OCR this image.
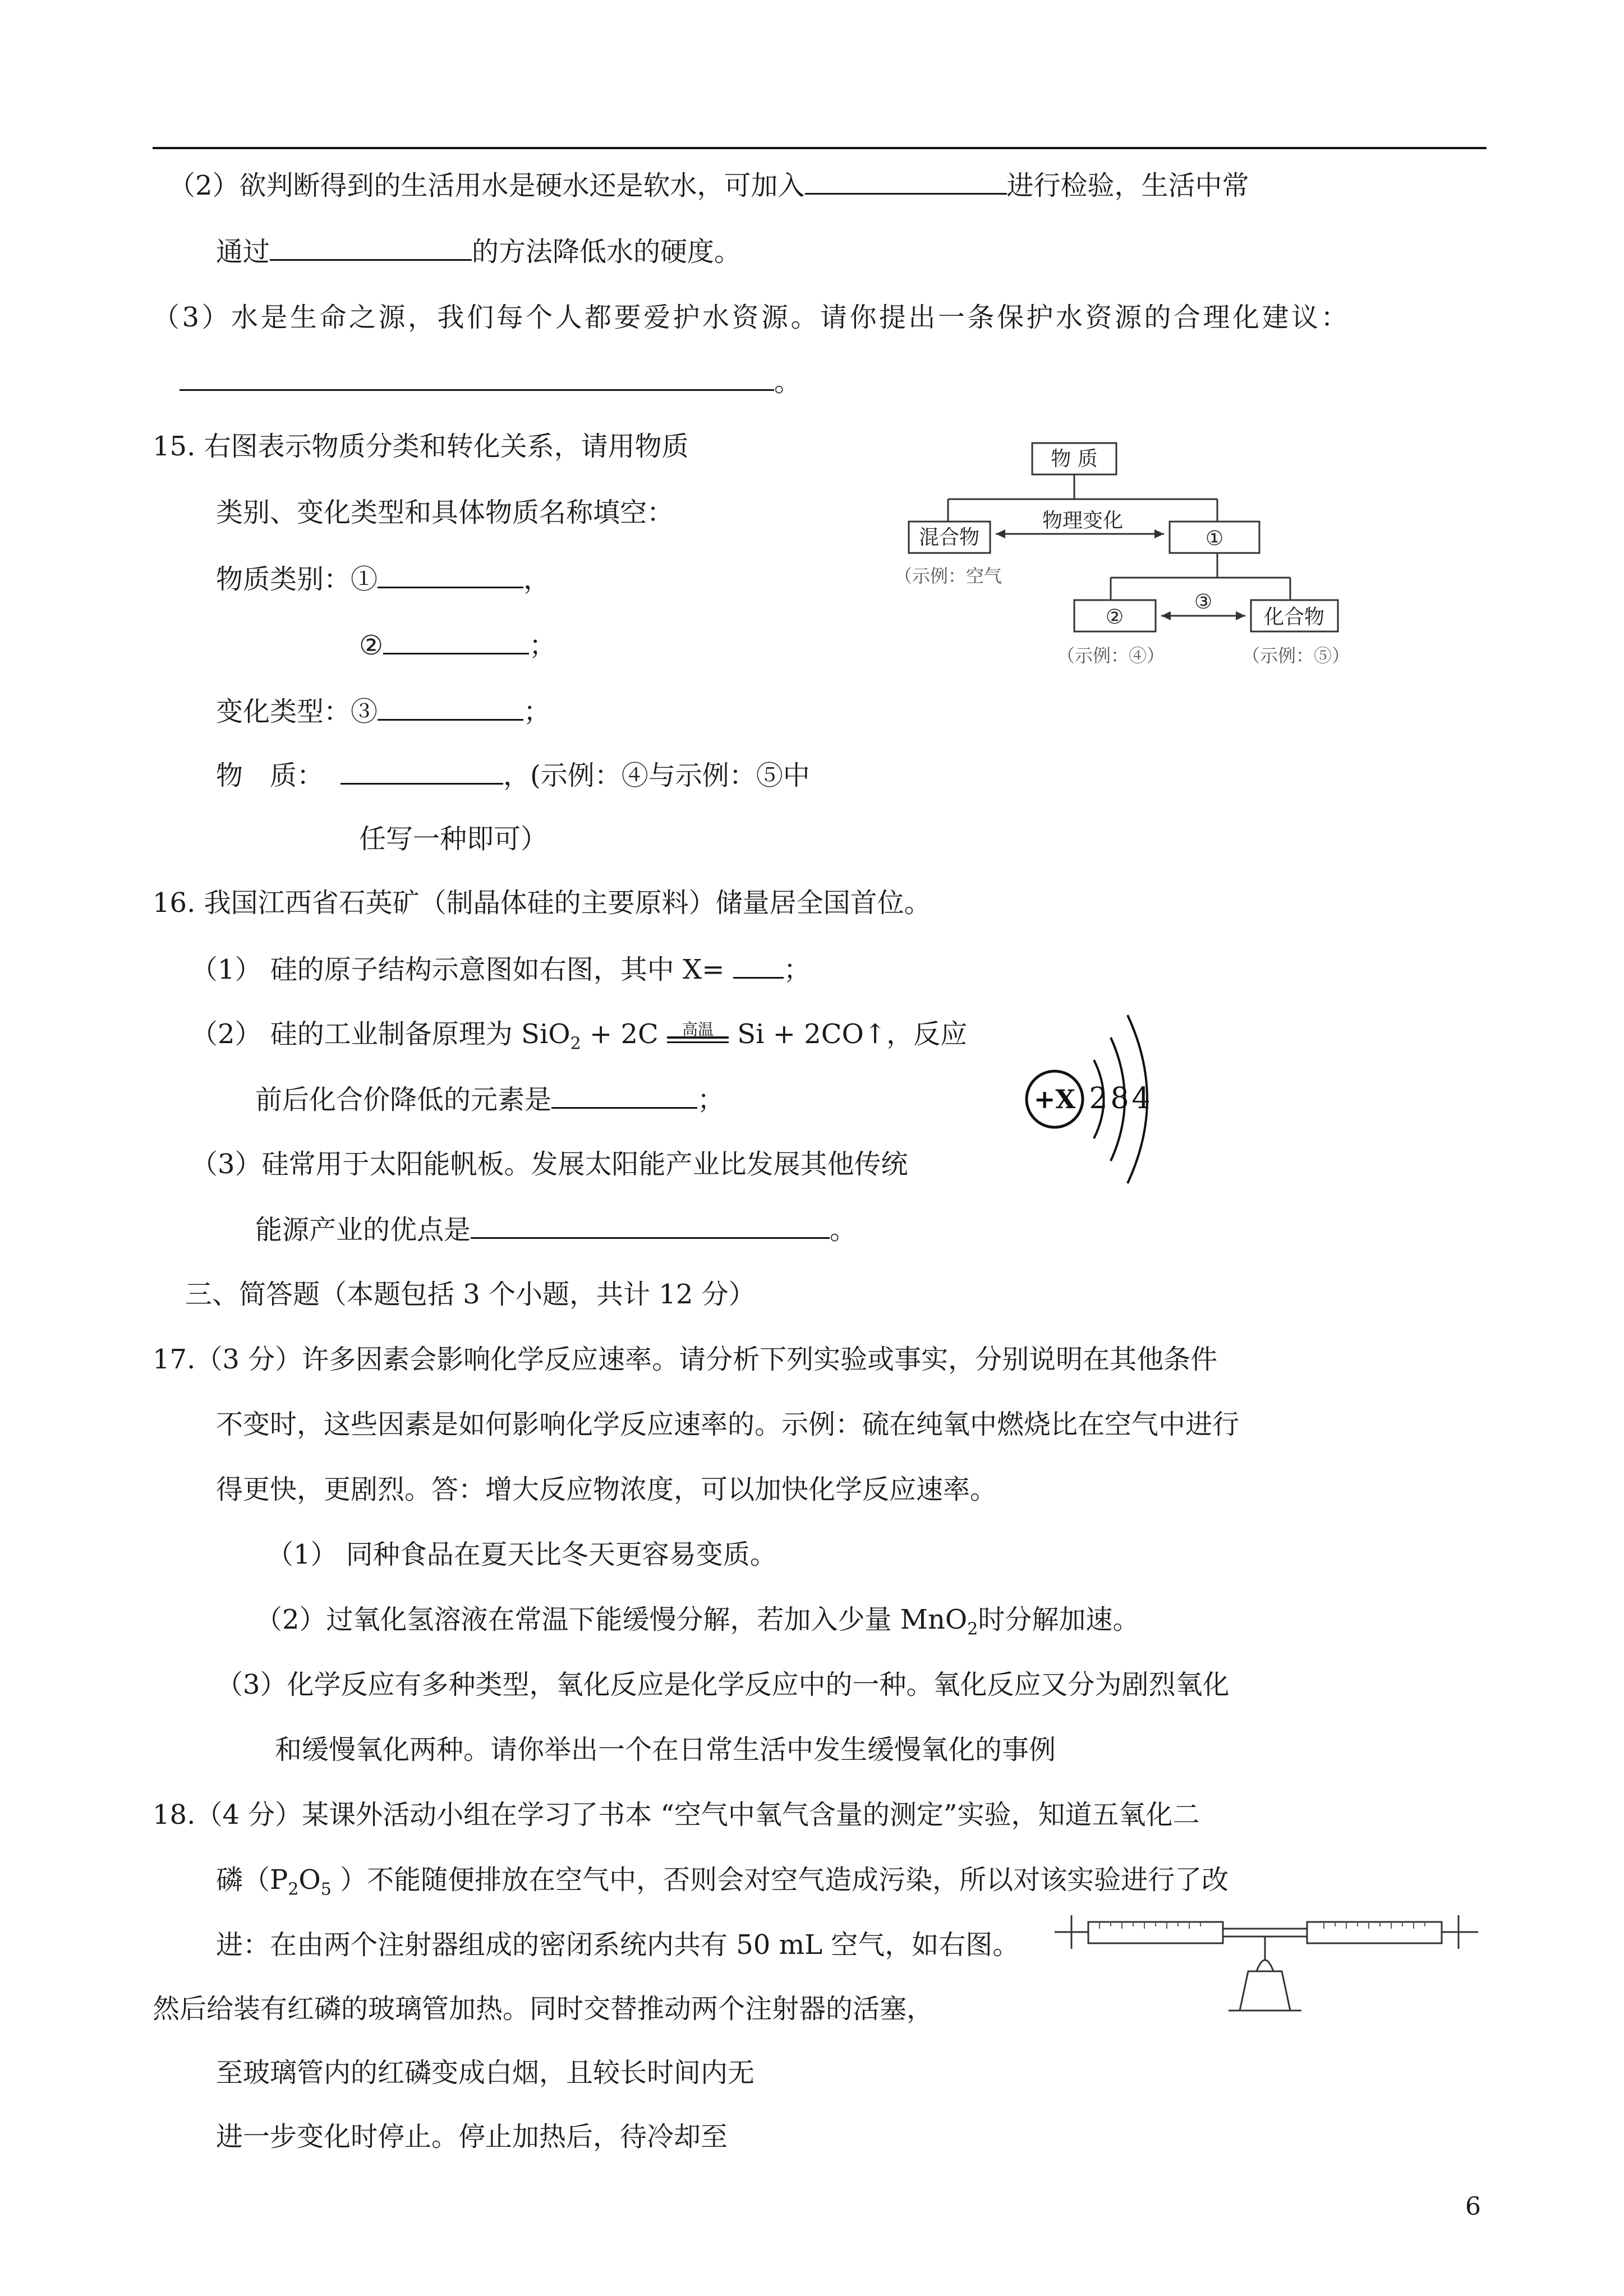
（2）欲判断得到的生活用水是硬水还是软水，可加入	进行检验，生活中常
通过	的方法降低水的硬度。
（3）水是生命之源，我们每个人都要爱护水资源。请你提出一条保护水资源的合理化建议：
。
15. 右图表示物质分类和转化关系，请用物质
类别、变化类型和具体物质名称填空：
物质类别：①	，
②	；
变化类型：③	；
物　质：	，(示例：④与示例：⑤中
任写一种即可）
物 质
混合物
物理变化
①
③
②	化合物
（示例：空气
（示例：④）	（示例：⑤）
16. 我国江西省石英矿（制晶体硅的主要原料）储量居全国首位。
（1） 硅的原子结构示意图如右图，其中 X= ；
（2） 硅的工业制备原理为 SiO$_2$ + 2C 高温 Si + 2CO↑，反应
前后化合价降低的元素是	；
（3）硅常用于太阳能帆板。发展太阳能产业比发展其他传统
能源产业的优点是	。
+X 2 8 4
三、简答题（本题包括 3 个小题，共计 12 分）
17.（3 分）许多因素会影响化学反应速率。请分析下列实验或事实，分别说明在其他条件
不变时，这些因素是如何影响化学反应速率的。示例：硫在纯氧中燃烧比在空气中进行
得更快，更剧烈。答：增大反应物浓度，可以加快化学反应速率。
（1） 同种食品在夏天比冬天更容易变质。
（2）过氧化氢溶液在常温下能缓慢分解，若加入少量 MnO$_2$时分解加速。
（3）化学反应有多种类型，氧化反应是化学反应中的一种。氧化反应又分为剧烈氧化
和缓慢氧化两种。请你举出一个在日常生活中发生缓慢氧化的事例
18.（4 分）某课外活动小组在学习了书本 “空气中氧气含量的测定”实验，知道五氧化二
磷（$P_2O_5$ ）不能随便排放在空气中，否则会对空气造成污染，所以对该实验进行了改
进：在由两个注射器组成的密闭系统内共有 50 mL 空气，如右图。
然后给装有红磷的玻璃管加热。同时交替推动两个注射器的活塞，
至玻璃管内的红磷变成白烟，且较长时间内无
进一步变化时停止。停止加热后，待冷却至
6
